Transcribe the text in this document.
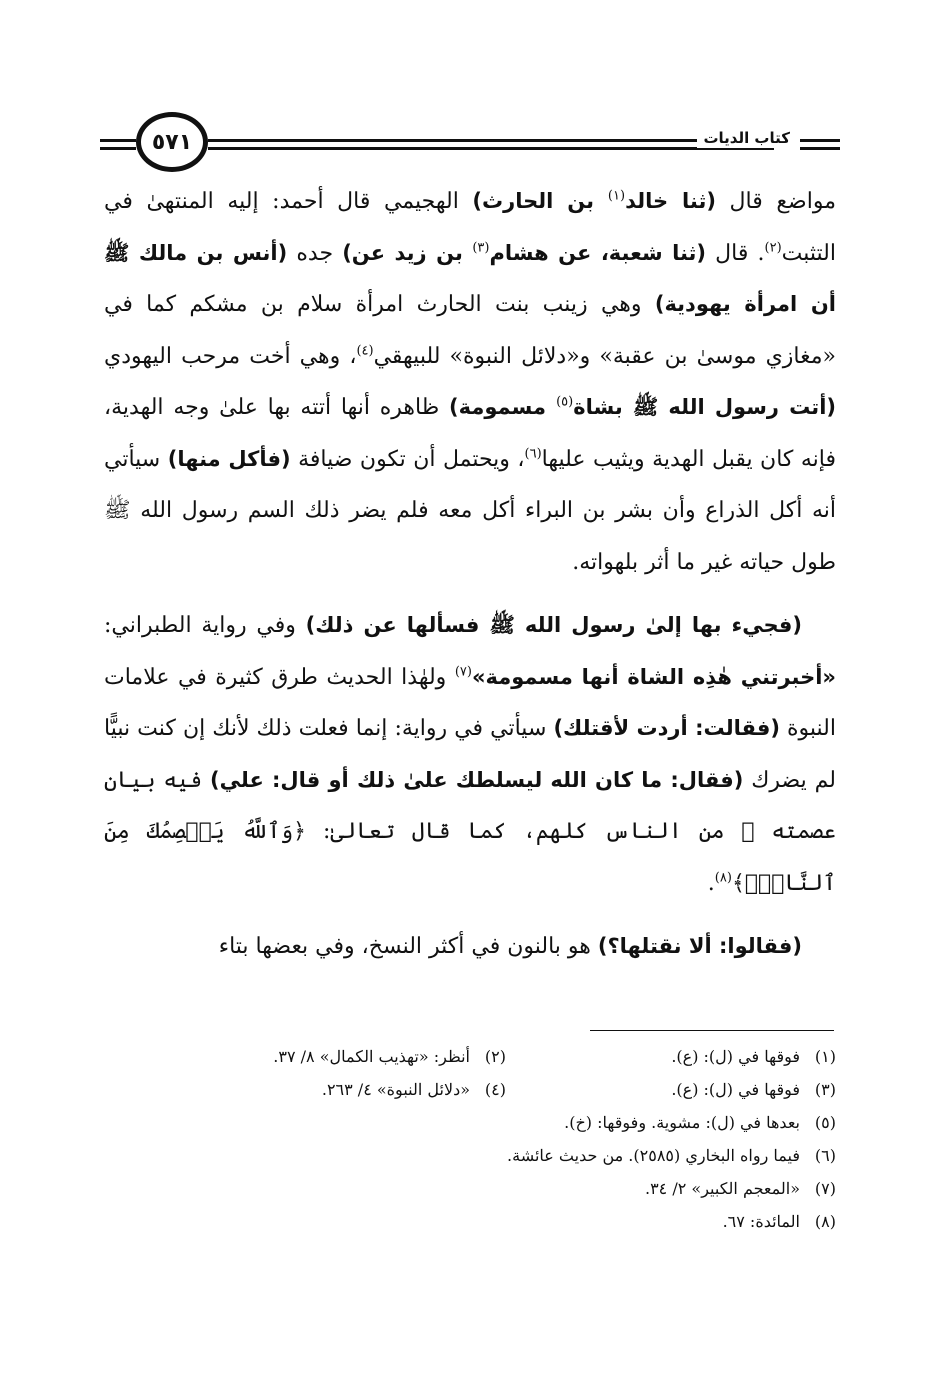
٥٧١	كتاب الديات

مواضع قال (ثنا خالد$^{(١)}$ بن الحارث) الهجيمي قال أحمد: إليه المنتهىٰ في التثبت$^{(٢)}$. قال (ثنا شعبة، عن هشام$^{(٣)}$ بن زيد عن) جده (أنس بن مالك ﷺ أن امرأة يهودية) وهي زينب بنت الحارث امرأة سلام بن مشكم كما في «مغازي موسىٰ بن عقبة» و«دلائل النبوة» للبيهقي$^{(٤)}$، وهي أخت مرحب اليهودي (أتت رسول الله ﷺ بشاة$^{(٥)}$ مسمومة) ظاهره أنها أتته بها علىٰ وجه الهدية، فإنه كان يقبل الهدية ويثيب عليها$^{(٦)}$، ويحتمل أن تكون ضيافة (فأكل منها) سيأتي أنه أكل الذراع وأن بشر بن البراء أكل معه فلم يضر ذلك السم رسول الله ﷺ طول حياته غير ما أثر بلهواته.

(فجيء بها إلىٰ رسول الله ﷺ فسألها عن ذلك) وفي رواية الطبراني: «أخبرتني هٰذِه الشاة أنها مسمومة»$^{(٧)}$ ولهٰذا الحديث طرق كثيرة في علامات النبوة (فقالت: أردت لأقتلك) سيأتي في رواية: إنما فعلت ذلك لأنك إن كنت نبيًّا لم يضرك (فقال: ما كان الله ليسلطك علىٰ ذلك أو قال: علي) فيه بيان عصمته ﷺ من الناس كلهم، كما قال تعالىٰ: ﴿وَٱللَّهُ يَعۡصِمُكَ مِنَ ٱلنَّاسِۗ﴾$^{(٨)}$.

(فقالوا: ألا نقتلها؟) هو بالنون في أكثر النسخ، وفي بعضها بتاء

(١)
فوقها في (ل): (ع).
(٢)
أنظر: «تهذيب الكمال» ٨/ ٣٧.
(٣)
فوقها في (ل): (ع).
(٤)
«دلائل النبوة» ٤/ ٢٦٣.
(٥)
بعدها في (ل): مشوية. وفوقها: (خ).
(٦)
فيما رواه البخاري (٢٥٨٥). من حديث عائشة.
(٧)
«المعجم الكبير» ٢/ ٣٤.
(٨)
المائدة: ٦٧.
